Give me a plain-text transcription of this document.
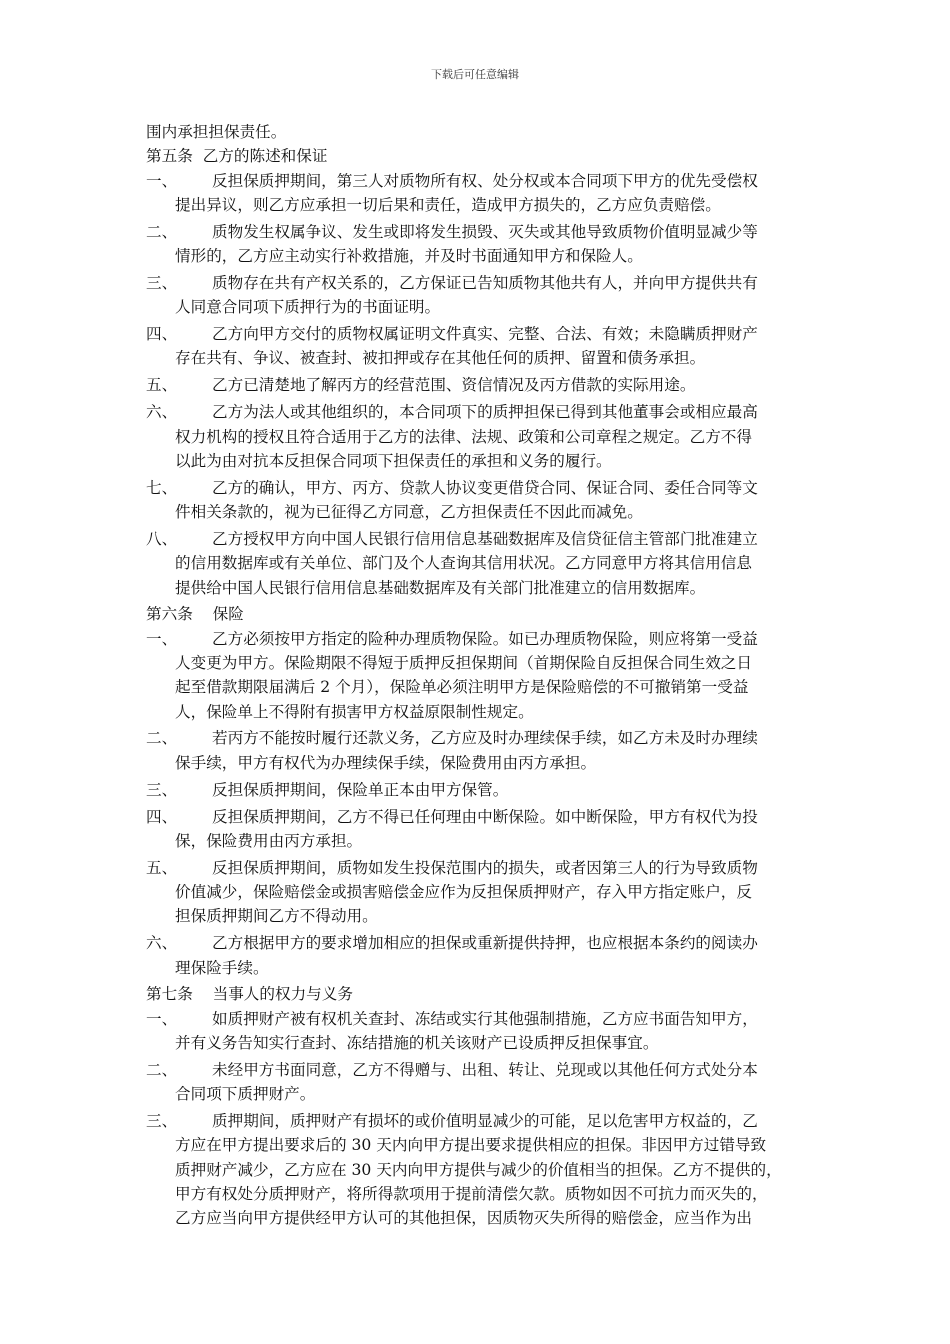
下载后可任意编辑

围内承担担保责任。

第五条  乙方的陈述和保证

一、	反担保质押期间，第三人对质物所有权、处分权或本合同项下甲方的优先受偿权
提出异议，则乙方应承担一切后果和责任，造成甲方损失的，乙方应负责赔偿。
二、	质物发生权属争议、发生或即将发生损毁、灭失或其他导致质物价值明显减少等
情形的，乙方应主动实行补救措施，并及时书面通知甲方和保险人。
三、	质物存在共有产权关系的，乙方保证已告知质物其他共有人，并向甲方提供共有
人同意合同项下质押行为的书面证明。
四、	乙方向甲方交付的质物权属证明文件真实、完整、合法、有效；未隐瞒质押财产
存在共有、争议、被查封、被扣押或存在其他任何的质押、留置和债务承担。
五、	乙方已清楚地了解丙方的经营范围、资信情况及丙方借款的实际用途。
六、	乙方为法人或其他组织的，本合同项下的质押担保已得到其他董事会或相应最高
权力机构的授权且符合适用于乙方的法律、法规、政策和公司章程之规定。乙方不得
以此为由对抗本反担保合同项下担保责任的承担和义务的履行。
七、	乙方的确认，甲方、丙方、贷款人协议变更借贷合同、保证合同、委任合同等文
件相关条款的，视为已征得乙方同意，乙方担保责任不因此而减免。
八、	乙方授权甲方向中国人民银行信用信息基础数据库及信贷征信主管部门批准建立
的信用数据库或有关单位、部门及个人查询其信用状况。乙方同意甲方将其信用信息
提供给中国人民银行信用信息基础数据库及有关部门批准建立的信用数据库。

第六条    保险

一、	乙方必须按甲方指定的险种办理质物保险。如已办理质物保险，则应将第一受益
人变更为甲方。保险期限不得短于质押反担保期间（首期保险自反担保合同生效之日
起至借款期限届满后 2 个月），保险单必须注明甲方是保险赔偿的不可撤销第一受益
人，保险单上不得附有损害甲方权益原限制性规定。
二、	若丙方不能按时履行还款义务，乙方应及时办理续保手续，如乙方未及时办理续
保手续，甲方有权代为办理续保手续，保险费用由丙方承担。
三、	反担保质押期间，保险单正本由甲方保管。
四、	反担保质押期间，乙方不得已任何理由中断保险。如中断保险，甲方有权代为投
保，保险费用由丙方承担。
五、	反担保质押期间，质物如发生投保范围内的损失，或者因第三人的行为导致质物
价值减少，保险赔偿金或损害赔偿金应作为反担保质押财产，存入甲方指定账户，反
担保质押期间乙方不得动用。
六、	乙方根据甲方的要求增加相应的担保或重新提供持押，也应根据本条约的阅读办
理保险手续。

第七条    当事人的权力与义务

一、	如质押财产被有权机关查封、冻结或实行其他强制措施，乙方应书面告知甲方，
并有义务告知实行查封、冻结措施的机关该财产已设质押反担保事宜。
二、	未经甲方书面同意，乙方不得赠与、出租、转让、兑现或以其他任何方式处分本
合同项下质押财产。
三、	质押期间，质押财产有损坏的或价值明显减少的可能，足以危害甲方权益的，乙
方应在甲方提出要求后的 30 天内向甲方提出要求提供相应的担保。非因甲方过错导致
质押财产减少，乙方应在 30 天内向甲方提供与减少的价值相当的担保。乙方不提供的，
甲方有权处分质押财产，将所得款项用于提前清偿欠款。质物如因不可抗力而灭失的，
乙方应当向甲方提供经甲方认可的其他担保，因质物灭失所得的赔偿金，应当作为出
